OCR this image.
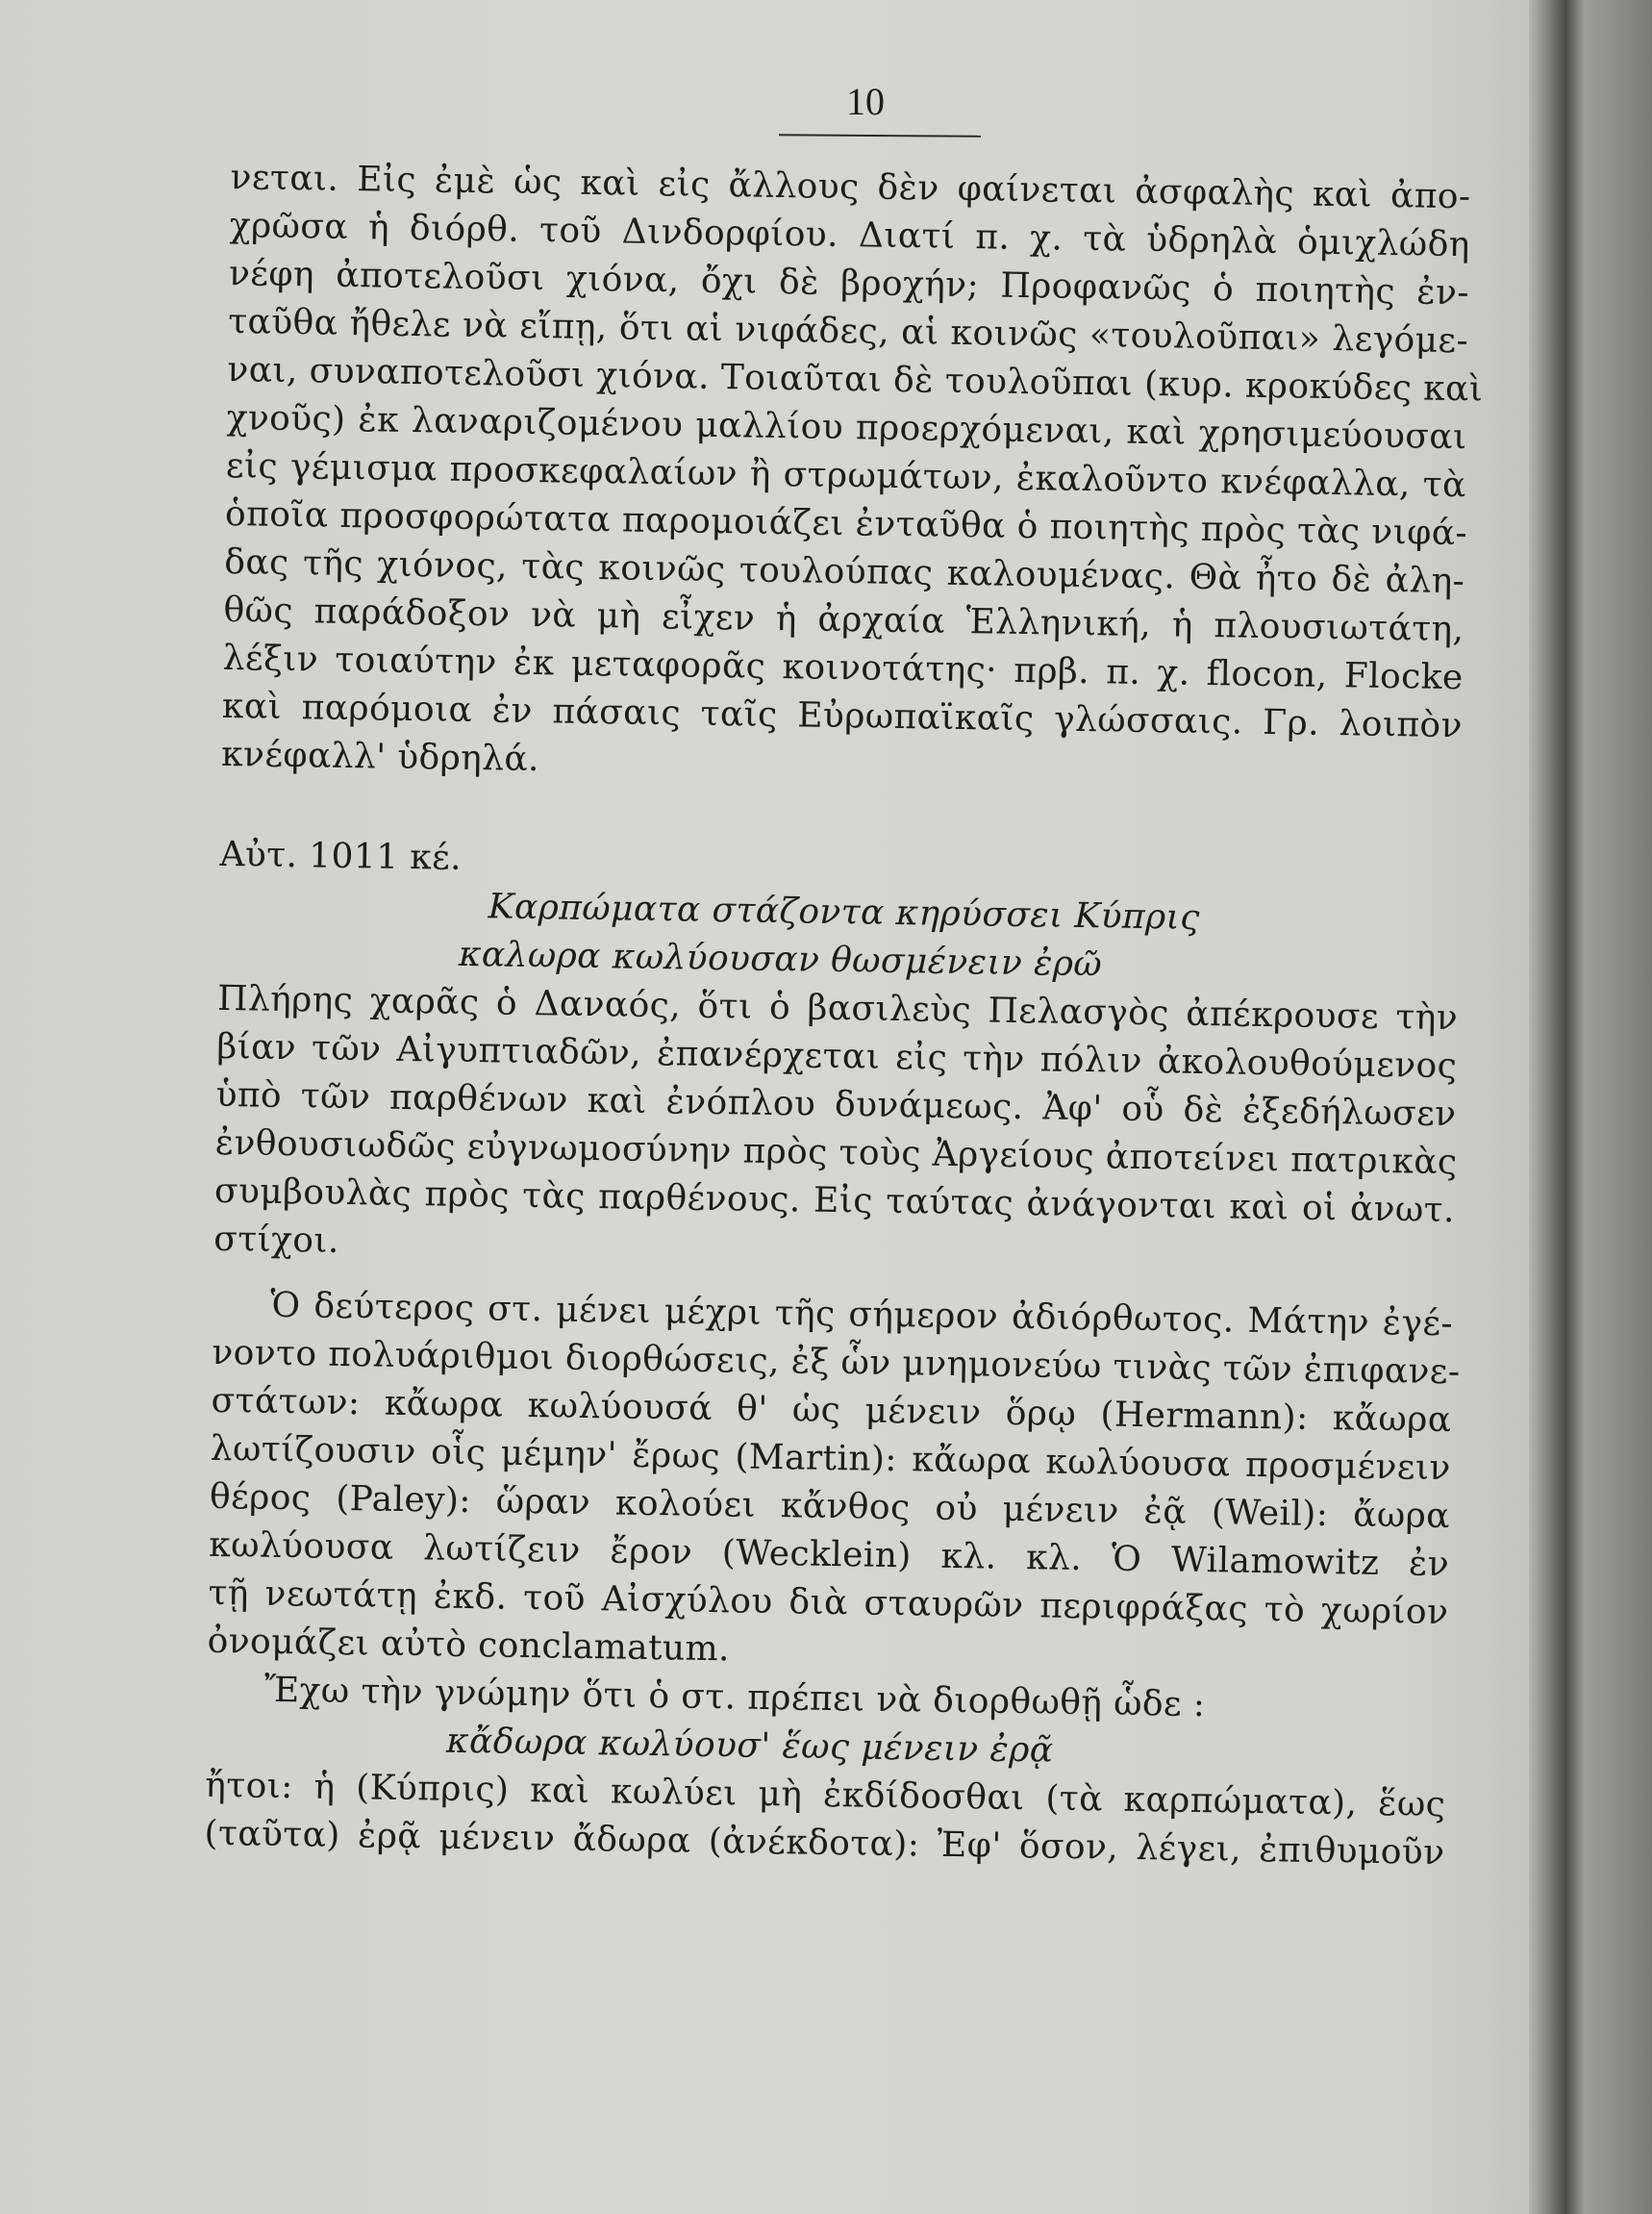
10
νεται. Εἰς ἐμὲ ὡς καὶ εἰς ἄλλους δὲν φαίνεται ἀσφαλὴς καὶ ἀπο-
χρῶσα ἡ διόρθ. τοῦ Δινδορφίου. Διατί π. χ. τὰ ὑδρηλὰ ὁμιχλώδη
νέφη ἀποτελοῦσι χιόνα, ὄχι δὲ βροχήν; Προφανῶς ὁ ποιητὴς ἐν-
ταῦθα ἤθελε νὰ εἴπῃ, ὅτι αἱ νιφάδες, αἱ κοινῶς «τουλοῦπαι» λεγόμε-
ναι, συναποτελοῦσι χιόνα. Τοιαῦται δὲ τουλοῦπαι (κυρ. κροκύδες καὶ
χνοῦς) ἐκ λαναριζομένου μαλλίου προερχόμεναι, καὶ χρησιμεύουσαι
εἰς γέμισμα προσκεφαλαίων ἢ στρωμάτων, ἐκαλοῦντο κνέφαλλα, τὰ
ὁποῖα προσφορώτατα παρομοιάζει ἐνταῦθα ὁ ποιητὴς πρὸς τὰς νιφά-
δας τῆς χιόνος, τὰς κοινῶς τουλούπας καλουμένας. Θὰ ἦτο δὲ ἀλη-
θῶς παράδοξον νὰ μὴ εἶχεν ἡ ἀρχαία Ἑλληνική, ἡ πλουσιωτάτη,
λέξιν τοιαύτην ἐκ μεταφορᾶς κοινοτάτης· πρβ. π. χ. flocon, Flocke
καὶ παρόμοια ἐν πάσαις ταῖς Εὐρωπαϊκαῖς γλώσσαις. Γρ. λοιπὸν
κνέφαλλ' ὑδρηλά.
Αὐτ. 1011 κέ.
Καρπώματα στάζοντα κηρύσσει Κύπρις
καλωρα κωλύουσαν θωσμένειν ἐρῶ
Πλήρης χαρᾶς ὁ Δαναός, ὅτι ὁ βασιλεὺς Πελασγὸς ἀπέκρουσε τὴν
βίαν τῶν Αἰγυπτιαδῶν, ἐπανέρχεται εἰς τὴν πόλιν ἀκολουθούμενος
ὑπὸ τῶν παρθένων καὶ ἐνόπλου δυνάμεως. Ἀφ' οὗ δὲ ἐξεδήλωσεν
ἐνθουσιωδῶς εὐγνωμοσύνην πρὸς τοὺς Ἀργείους ἀποτείνει πατρικὰς
συμβουλὰς πρὸς τὰς παρθένους. Εἰς ταύτας ἀνάγονται καὶ οἱ ἀνωτ.
στίχοι.
Ὁ δεύτερος στ. μένει μέχρι τῆς σήμερον ἀδιόρθωτος. Μάτην ἐγέ-
νοντο πολυάριθμοι διορθώσεις, ἐξ ὧν μνημονεύω τινὰς τῶν ἐπιφανε-
στάτων: κἄωρα κωλύουσά θ' ὡς μένειν ὅρῳ (Hermann): κἄωρα
λωτίζουσιν οἷς μέμην' ἔρως (Martin): κἄωρα κωλύουσα προσμένειν
θέρος (Paley): ὥραν κολούει κἄνθος οὐ μένειν ἐᾷ (Weil): ἄωρα
κωλύουσα λωτίζειν ἔρον (Wecklein) κλ. κλ. Ὁ Wilamowitz ἐν
τῇ νεωτάτῃ ἐκδ. τοῦ Αἰσχύλου διὰ σταυρῶν περιφράξας τὸ χωρίον
ὀνομάζει αὐτὸ conclamatum.
Ἔχω τὴν γνώμην ὅτι ὁ στ. πρέπει νὰ διορθωθῇ ὧδε :
κἄδωρα κωλύουσ' ἕως μένειν ἐρᾷ
ἤτοι: ἡ (Κύπρις) καὶ κωλύει μὴ ἐκδίδοσθαι (τὰ καρπώματα), ἕως
(ταῦτα) ἐρᾷ μένειν ἄδωρα (ἀνέκδοτα): Ἐφ' ὅσον, λέγει, ἐπιθυμοῦν
